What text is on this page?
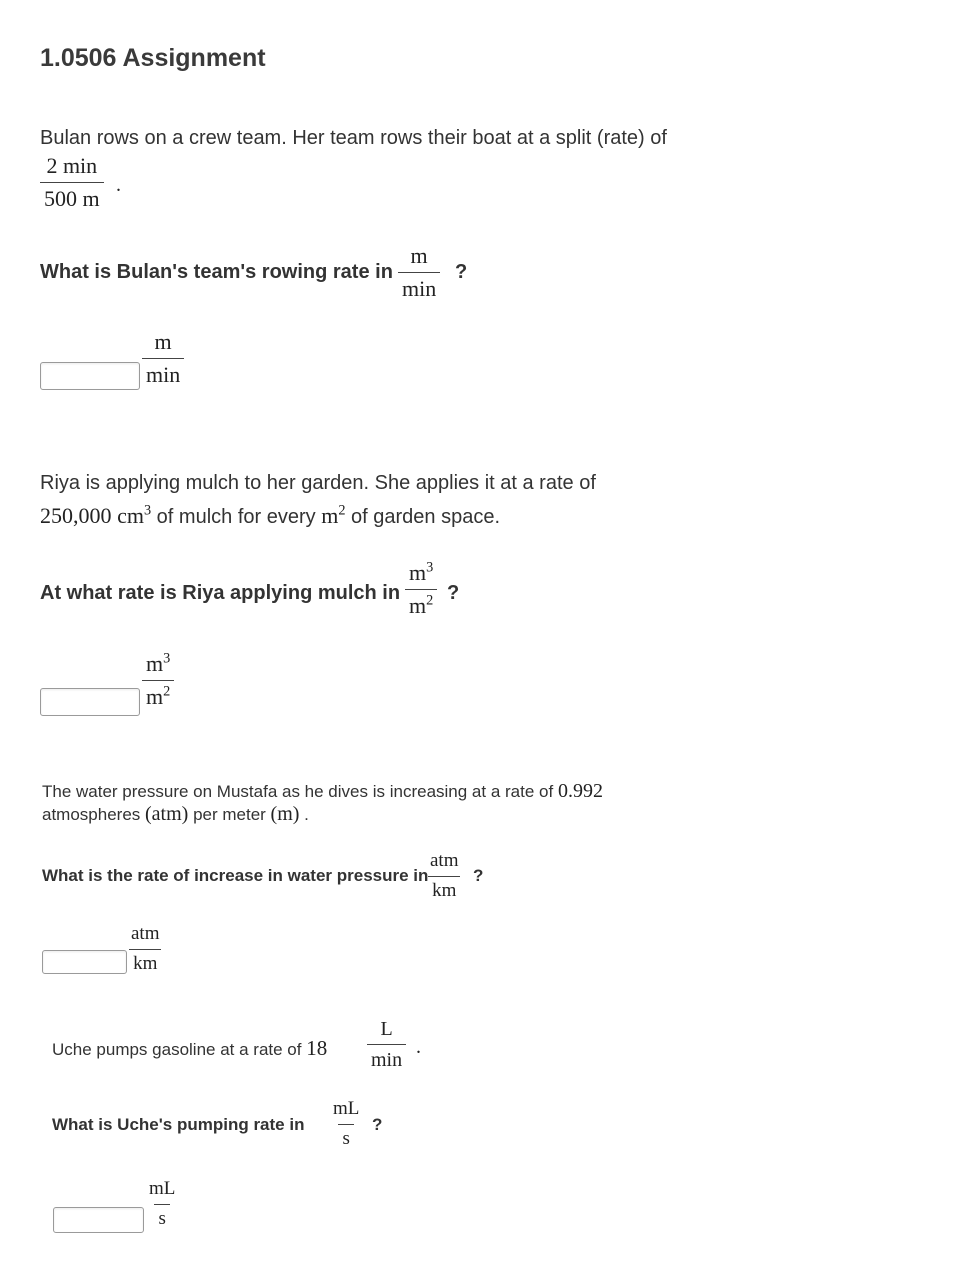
1.0506 Assignment
Bulan rows on a crew team. Her team rows their boat at a split (rate) of
2 min
500 m
.
What is Bulan's team's rowing rate in
m
min
?
m
min
Riya is applying mulch to her garden. She applies it at a rate of
250,000 $cm^3$ of mulch for every $m^2$ of garden space.
At what rate is Riya applying mulch in $\frac{m^3}{m^2}$ ?
$\frac{m^3}{m^2}$
The water pressure on Mustafa as he dives is increasing at a rate of 0.992
atmospheres (atm) per meter (m) .
What is the rate of increase in water pressure in
atm
km
?
atm
km
Uche pumps gasoline at a rate of 18
L
min
.
What is Uche's pumping rate in $\frac{mL}{s}$ ?
$\frac{mL}{s}$
